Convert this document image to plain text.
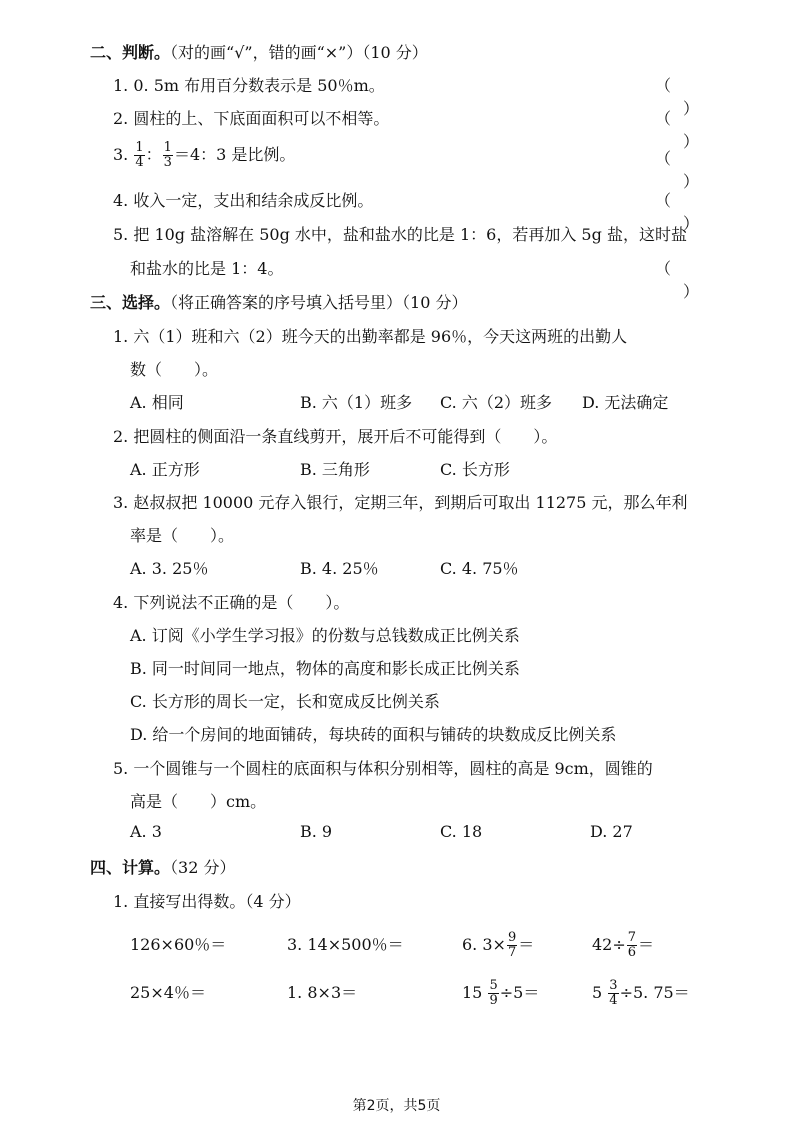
二、判断。（对的画“√”，错的画“×”）（10 分）
1. 0. 5m 布用百分数表示是 50％m。	（）
2. 圆柱的上、下底面面积可以不相等。	（）
3. $\frac{1}{4}$ ： $\frac{1}{3} =4$：3 是比例。	（）
4. 收入一定，支出和结余成反比例。	（）
5. 把 10g 盐溶解在 50g 水中，盐和盐水的比是 1：6，若再加入 5g 盐，这时盐
和盐水的比是 1：4。	（）
三、选择。（将正确答案的序号填入括号里）（10 分）
1. 六（1）班和六（2）班今天的出勤率都是 96％，今天这两班的出勤人
数（　　）。
A. 相同	B. 六（1）班多 C. 六（2）班多 D. 无法确定
2. 把圆柱的侧面沿一条直线剪开，展开后不可能得到（　　）。
A. 正方形	B. 三角形	C. 长方形
3. 赵叔叔把 10000 元存入银行，定期三年，到期后可取出 11275 元，那么年利
率是（　　）。
A. 3. 25％	B. 4. 25％	C. 4. 75％
4. 下列说法不正确的是（　　）。
A. 订阅《小学生学习报》的份数与总钱数成正比例关系
B. 同一时间同一地点，物体的高度和影长成正比例关系
C. 长方形的周长一定，长和宽成反比例关系
D. 给一个房间的地面铺砖，每块砖的面积与铺砖的块数成反比例关系
5. 一个圆锥与一个圆柱的底面积与体积分别相等，圆柱的高是 9cm，圆锥的
高是（　　）cm。
A. 3	B. 9	C. 18	D. 27
四、计算。（32 分）
1. 直接写出得数。（4 分）
126×60％＝	3. 14×500％＝	6. $3\times \frac{9}{7}$ ＝	$42\div \frac{7}{6}$ ＝
25×4％＝	1. 8×3＝	$15 \frac{5}{9} \div 5=$	$5 \frac{3}{4} \div 5$. 75＝
第2页，共5页
